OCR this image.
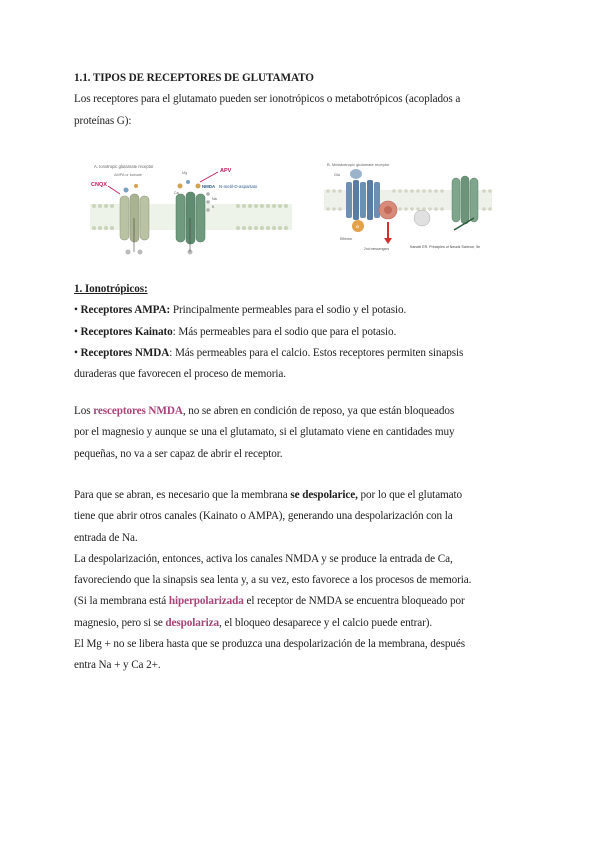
1.1. TIPOS DE RECEPTORES DE GLUTAMATO
Los receptores para el glutamato pueden ser ionotrópicos o metabotrópicos (acoplados a
proteínas G):
A. Ionotropic glutamate receptor
CNQX
AMPA or kainate	Mg
Ca
Na
K
APV
NMDA N-metil-D-aspartato
B. Metabotropic glutamate receptor
Glu
G
Effector
2nd messengers	Kandel ER. Principles of Neural Science, 5e
1. Ionotrópicos:
• Receptores AMPA: Principalmente permeables para el sodio y el potasio.
• Receptores Kainato: Más permeables para el sodio que para el potasio.
• Receptores NMDA: Más permeables para el calcio. Estos receptores permiten sinapsis
duraderas que favorecen el proceso de memoria.
Los resceptores NMDA, no se abren en condición de reposo, ya que están bloqueados
por el magnesio y aunque se una el glutamato, si el glutamato viene en cantidades muy
pequeñas, no va a ser capaz de abrir el receptor.
Para que se abran, es necesario que la membrana se despolarice, por lo que el glutamato
tiene que abrir otros canales (Kainato o AMPA), generando una despolarización con la
entrada de Na.
La despolarización, entonces, activa los canales NMDA y se produce la entrada de Ca,
favoreciendo que la sinapsis sea lenta y, a su vez, esto favorece a los procesos de memoria.
(Si la membrana está hiperpolarizada el receptor de NMDA se encuentra bloqueado por
magnesio, pero si se despolariza, el bloqueo desaparece y el calcio puede entrar).
El Mg + no se libera hasta que se produzca una despolarización de la membrana, después
entra Na + y Ca 2+.
